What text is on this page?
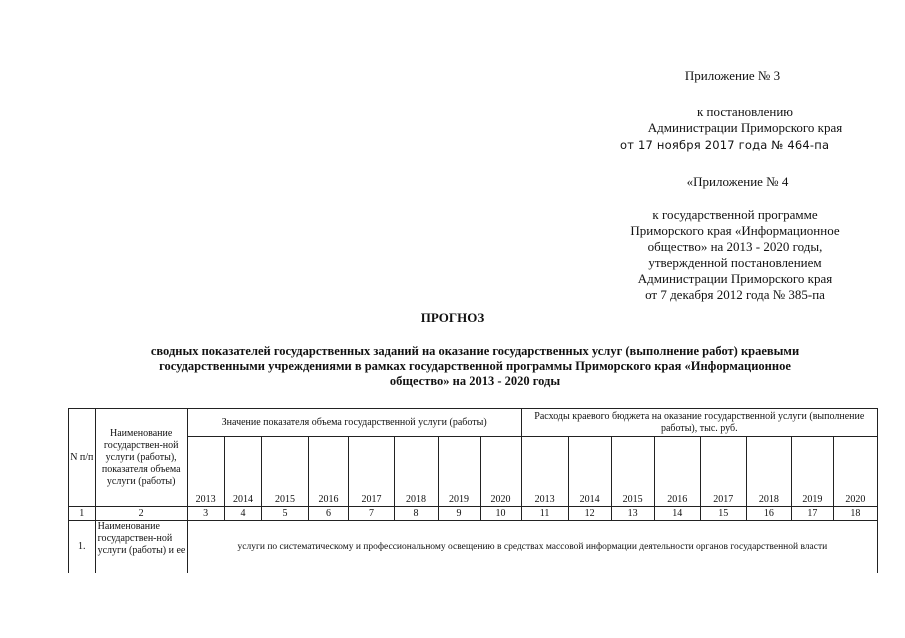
Приложение № 3
к постановлению
Администрации Приморского края
от 17 ноября 2017 года № 464-па
«Приложение № 4
к государственной программе
Приморского края «Информационное
общество» на 2013 - 2020 годы,
утвержденной постановлением
Администрации Приморского края
от 7 декабря 2012 года № 385-па
ПРОГНОЗ
сводных показателей государственных заданий на оказание государственных услуг (выполнение работ) краевыми
государственными учреждениями в рамках государственной программы Приморского края «Информационное
общество» на 2013 - 2020 годы
N п/п	Наименование государствен-ной услуги (работы), показателя объема услуги (работы)	Значение показателя объема государственной услуги (работы)								Расходы краевого бюджета на оказание государственной услуги (выполнение работы), тыс. руб.							
		2013	2014	2015	2016	2017	2018	2019	2020	2013	2014	2015	2016	2017	2018	2019	2020
1	2	3	4	5	6	7	8	9	10	11	12	13	14	15	16	17	18
1.	Наименование государствен-ной услуги (работы) и ее	услуги по систематическому и профессиональному освещению в средствах массовой информации деятельности органов государственной власти															
